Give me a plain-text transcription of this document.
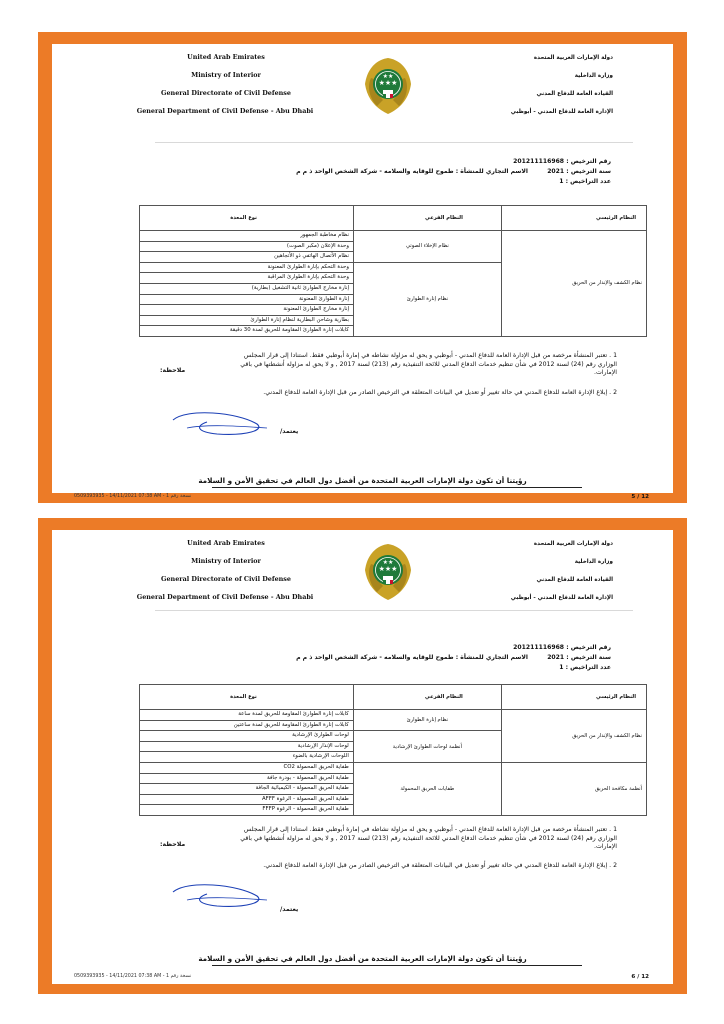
United Arab Emirates
Ministry of Interior
General Directorate of Civil Defense
General Department of Civil Defense - Abu Dhabi
★★★
★★
دولة الإمارات العربية المتحدة
وزارة الداخلية
القيادة العامة للدفاع المدني
الإدارة العامة للدفاع المدني - أبوظبي
رقم الترخيص : 201211116968
سنة الترخيص : 2021
الاسم التجاري للمنشأة : طموح للوقايه والسلامه - شركة الشخص الواحد ذ م م
عدد التراخيص : 1
النظام الرئيسي	النظام الفرعي	نوع المعدة
نظام الكشف والإنذار من الحريق	نظام الإخلاء الصوتي	نظام مخاطبة الجمهور
		وحدة الإعلان (مكبر الصوت)
		نظام الأتصال الهاتفي ذو الأتجاهين
	نظام إنارة الطوارئ	وحدة التحكم بإنارة الطوارئ المعنونة
		وحدة التحكم بإنارة الطوارئ المراقبة
		إنارة مخارج الطوارئ ثانية التشغيل (بطارية)
		إنارة الطوارئ المعنونة
		إنارة مخارج الطوارئ المعنونة
		بطارية وشاحن البطارية لنظام إنارة الطوارئ
		كابلات إنارة الطوارئ المقاومة للحريق لمدة 30 دقيقة
1 . تعتبر المنشأة مرخصة من قبل الإدارة العامة للدفاع المدني - أبوظبي و يحق له مزاولة نشاطه في إمارة أبوظبي فقط. استنادا إلى قرار المجلس
الوزاري رقم (24) لسنة 2012 في شأن تنظيم خدمات الدفاع المدني للائحة التنفيذية رقم (213) لسنة 2017 , و لا يحق له مزاولة أنشطتها في باقي
الإمارات.
ملاحظة:
2 . إبلاغ الإدارة العامة للدفاع المدني في حالة تغيير أو تعديل في البيانات المتعلقة في الترخيص الصادر من قبل الإدارة العامة للدفاع المدني.
يعتمد/
رؤيتنا أن تكون دولة الإمارات العربية المتحدة من أفضل دول العالم في تحقيق الأمن و السلامة
0509393935 - 14/11/2021 07:38 AM - نسخة رقم 1	5 / 12
United Arab Emirates
Ministry of Interior
General Directorate of Civil Defense
General Department of Civil Defense - Abu Dhabi
★★★
★★
دولة الإمارات العربية المتحدة
وزارة الداخلية
القيادة العامة للدفاع المدني
الإدارة العامة للدفاع المدني - أبوظبي
رقم الترخيص : 201211116968
سنة الترخيص : 2021
الاسم التجاري للمنشأة : طموح للوقايه والسلامه - شركة الشخص الواحد ذ م م
عدد التراخيص : 1
النظام الرئيسي	النظام الفرعي	نوع المعدة
نظام الكشف والإنذار من الحريق	نظام إنارة الطوارئ	كابلات إنارة الطوارئ المقاومة للحريق لمدة ساعة
		كابلات إنارة الطوارئ المقاومة للحريق لمدة ساعتين
	أنظمة لوحات الطوارئ الإرشادية	لوحات الطوارئ الإرشادية
		لوحات الإنذار الإرشادية
		اللوحات الإرشادية بالضوء
أنظمة مكافحة الحريق	طفايات الحريق المحمولة	طفاية الحريق المحمولة CO2
		طفاية الحريق المحمولة - بودرة جافة
		طفاية الحريق المحمولة - الكيميائية الجافة
		طفاية الحريق المحمولة - الرغوة AFFF
		طفاية الحريق المحمولة - الرغوة FFFP
1 . تعتبر المنشأة مرخصة من قبل الإدارة العامة للدفاع المدني - أبوظبي و يحق له مزاولة نشاطه في إمارة أبوظبي فقط. استنادا إلى قرار المجلس
الوزاري رقم (24) لسنة 2012 في شأن تنظيم خدمات الدفاع المدني للائحة التنفيذية رقم (213) لسنة 2017 , و لا يحق له مزاولة أنشطتها في باقي
الإمارات.
ملاحظة:
2 . إبلاغ الإدارة العامة للدفاع المدني في حالة تغيير أو تعديل في البيانات المتعلقة في الترخيص الصادر من قبل الإدارة العامة للدفاع المدني.
يعتمد/
رؤيتنا أن تكون دولة الإمارات العربية المتحدة من أفضل دول العالم في تحقيق الأمن و السلامة
0509393935 - 14/11/2021 07:38 AM - نسخة رقم 1	6 / 12
